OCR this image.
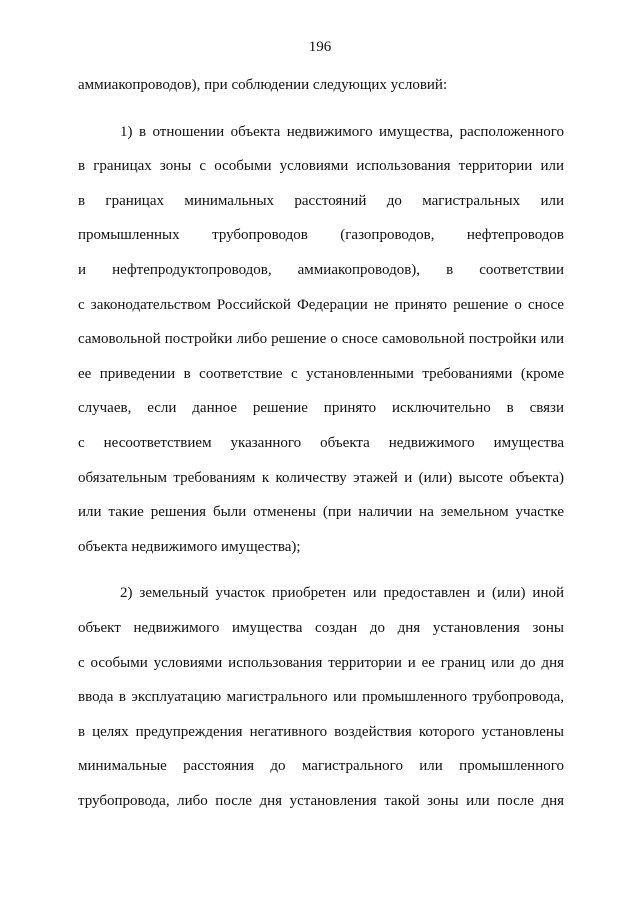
196
аммиакопроводов), при соблюдении следующих условий:
1) в отношении объекта недвижимого имущества, расположенного
в границах зоны с особыми условиями использования территории или
в границах минимальных расстояний до магистральных или
промышленных трубопроводов (газопроводов, нефтепроводов
и нефтепродуктопроводов, аммиакопроводов), в соответствии
с законодательством Российской Федерации не принято решение о сносе
самовольной постройки либо решение о сносе самовольной постройки или
ее приведении в соответствие с установленными требованиями (кроме
случаев, если данное решение принято исключительно в связи
с несоответствием указанного объекта недвижимого имущества
обязательным требованиям к количеству этажей и (или) высоте объекта)
или такие решения были отменены (при наличии на земельном участке
объекта недвижимого имущества);
2) земельный участок приобретен или предоставлен и (или) иной
объект недвижимого имущества создан до дня установления зоны
с особыми условиями использования территории и ее границ или до дня
ввода в эксплуатацию магистрального или промышленного трубопровода,
в целях предупреждения негативного воздействия которого установлены
минимальные расстояния до магистрального или промышленного
трубопровода, либо после дня установления такой зоны или после дня
